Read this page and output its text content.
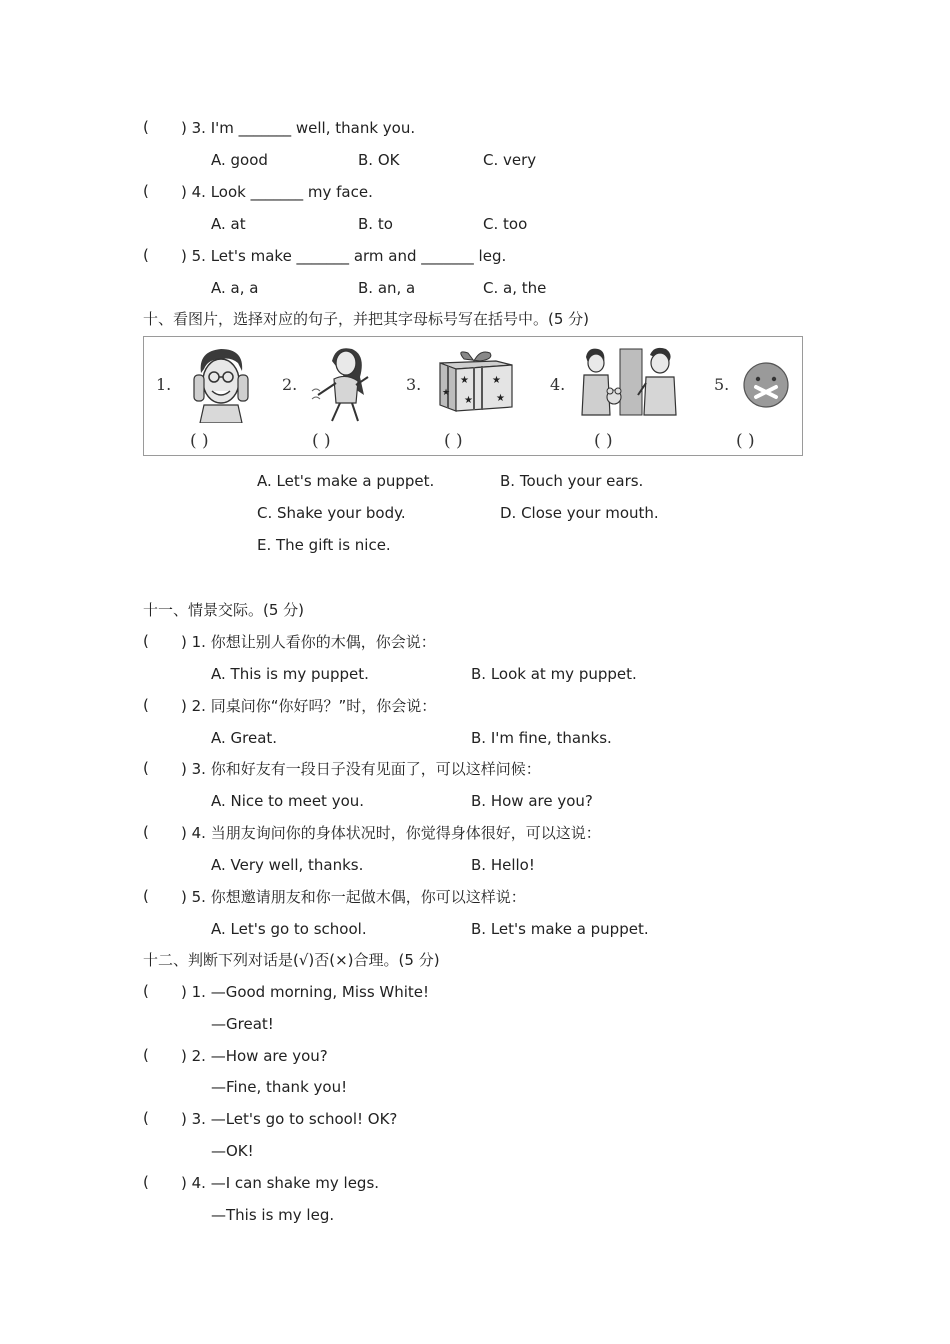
( ) 3. I'm _______ well, thank you.
A. good	B. OK	C. very
( ) 4. Look _______ my face.
A. at	B. to	C. too
( ) 5. Let's make _______ arm and _______ leg.
A. a, a	B. an, a	C. a, the
十、看图片，选择对应的句子，并把其字母标号写在括号中。(5 分)
1.
( )
2.
( )
3.	★ ★
★ ★
★
( )
4.
( )
5.
( )
A. Let's make a puppet.	B. Touch your ears.
C. Shake your body.	D. Close your mouth.
E. The gift is nice.
十一、情景交际。(5 分)
( ) 1. 你想让别人看你的木偶，你会说：
A. This is my puppet.	B. Look at my puppet.
( ) 2. 同桌问你“你好吗？”时，你会说：
A. Great.	B. I'm fine, thanks.
( ) 3. 你和好友有一段日子没有见面了，可以这样问候：
A. Nice to meet you.	B. How are you?
( ) 4. 当朋友询问你的身体状况时，你觉得身体很好，可以这说：
A. Very well, thanks.	B. Hello!
( ) 5. 你想邀请朋友和你一起做木偶，你可以这样说：
A. Let's go to school.	B. Let's make a puppet.
十二、判断下列对话是(√)否(×)合理。(5 分)
( ) 1. —Good morning, Miss White!
—Great!
( ) 2. —How are you?
—Fine, thank you!
( ) 3. —Let's go to school! OK?
—OK!
( ) 4. —I can shake my legs.
—This is my leg.
